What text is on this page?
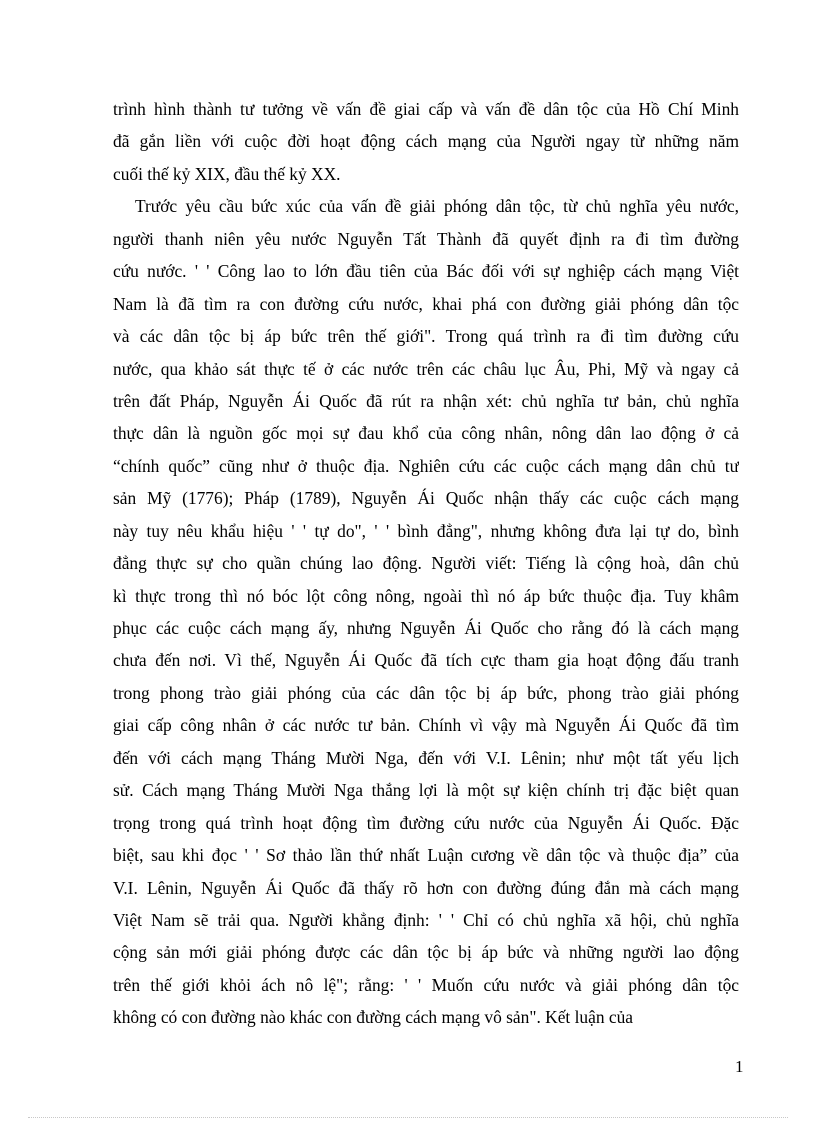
trình hình thành tư tưởng về vấn đề giai cấp và vấn đề dân tộc của Hồ Chí Minh
đã gắn liền với cuộc đời hoạt động cách mạng của Người ngay từ những năm
cuối thế kỷ XIX, đầu thế kỷ XX.
Trước yêu cầu bức xúc của vấn đề giải phóng dân tộc, từ chủ nghĩa yêu nước,
người thanh niên yêu nước Nguyễn Tất Thành đã quyết định ra đi tìm đường
cứu nước. ' ' Công lao to lớn đầu tiên của Bác đối với sự nghiệp cách mạng Việt
Nam là đã tìm ra con đường cứu nước, khai phá con đường giải phóng dân tộc
và các dân tộc bị áp bức trên thế giới". Trong quá trình ra đi tìm đường cứu
nước, qua khảo sát thực tế ở các nước trên các châu lục Âu, Phi, Mỹ và ngay cả
trên đất Pháp, Nguyễn Ái Quốc đã rút ra nhận xét: chủ nghĩa tư bản, chủ nghĩa
thực dân là nguồn gốc mọi sự đau khổ của công nhân, nông dân lao động ở cả
“chính quốc” cũng như ở thuộc địa. Nghiên cứu các cuộc cách mạng dân chủ tư
sản Mỹ (1776); Pháp (1789), Nguyễn Ái Quốc nhận thấy các cuộc cách mạng
này tuy nêu khẩu hiệu ' ' tự do", ' ' bình đẳng", nhưng không đưa lại tự do, bình
đẳng thực sự cho quần chúng lao động. Người viết: Tiếng là cộng hoà, dân chủ
kì thực trong thì nó bóc lột công nông, ngoài thì nó áp bức thuộc địa. Tuy khâm
phục các cuộc cách mạng ấy, nhưng Nguyễn Ái Quốc cho rằng đó là cách mạng
chưa đến nơi. Vì thế, Nguyễn Ái Quốc đã tích cực tham gia hoạt động đấu tranh
trong phong trào giải phóng của các dân tộc bị áp bức, phong trào giải phóng
giai cấp công nhân ở các nước tư bản. Chính vì vậy mà Nguyễn Ái Quốc đã tìm
đến với cách mạng Tháng Mười Nga, đến với V.I. Lênin; như một tất yếu lịch
sử. Cách mạng Tháng Mười Nga thắng lợi là một sự kiện chính trị đặc biệt quan
trọng trong quá trình hoạt động tìm đường cứu nước của Nguyễn Ái Quốc. Đặc
biệt, sau khi đọc ' ' Sơ thảo lần thứ nhất Luận cương về dân tộc và thuộc địa” của
V.I. Lênin, Nguyễn Ái Quốc đã thấy rõ hơn con đường đúng đắn mà cách mạng
Việt Nam sẽ trải qua. Người khẳng định: ' ' Chỉ có chủ nghĩa xã hội, chủ nghĩa
cộng sản mới giải phóng được các dân tộc bị áp bức và những người lao động
trên thế giới khỏi ách nô lệ"; rằng: ' ' Muốn cứu nước và giải phóng dân tộc
không có con đường nào khác con đường cách mạng vô sản". Kết luận của
1
